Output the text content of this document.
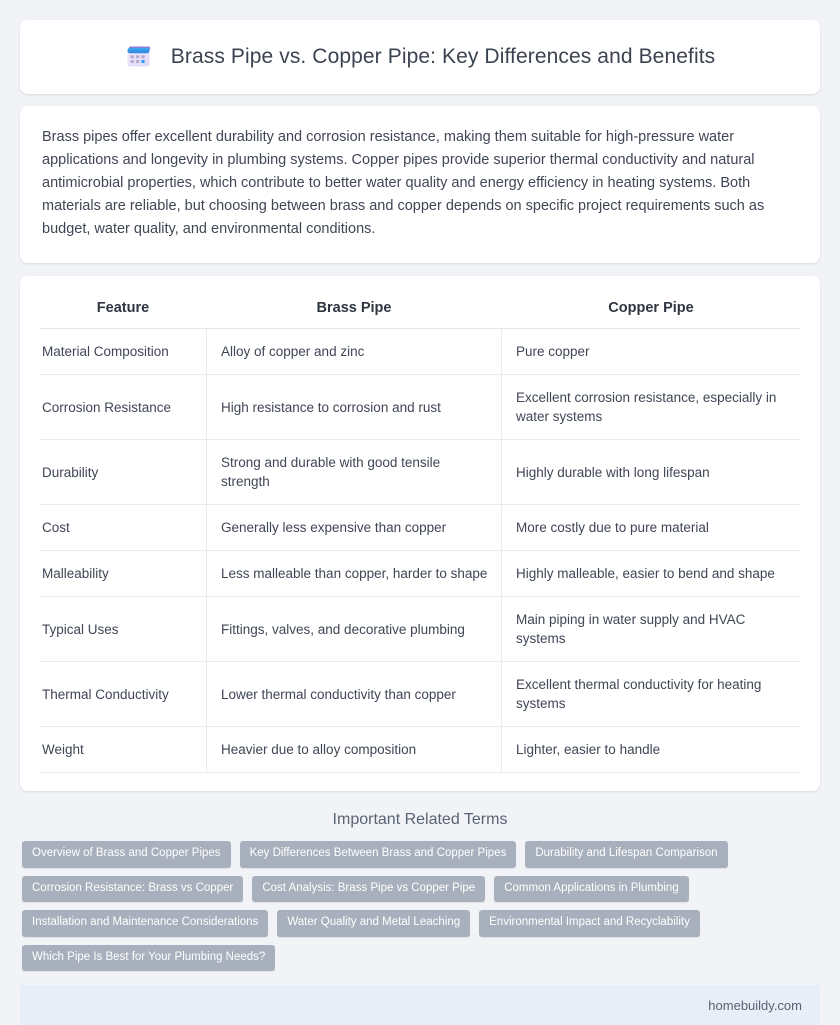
Brass Pipe vs. Copper Pipe: Key Differences and Benefits

Brass pipes offer excellent durability and corrosion resistance, making them suitable for high-pressure water applications and longevity in plumbing systems. Copper pipes provide superior thermal conductivity and natural antimicrobial properties, which contribute to better water quality and energy efficiency in heating systems. Both materials are reliable, but choosing between brass and copper depends on specific project requirements such as budget, water quality, and environmental conditions.

Feature	Brass Pipe	Copper Pipe
Material Composition	Alloy of copper and zinc	Pure copper
Corrosion Resistance	High resistance to corrosion and rust	Excellent corrosion resistance, especially in water systems
Durability	Strong and durable with good tensile strength	Highly durable with long lifespan
Cost	Generally less expensive than copper	More costly due to pure material
Malleability	Less malleable than copper, harder to shape	Highly malleable, easier to bend and shape
Typical Uses	Fittings, valves, and decorative plumbing	Main piping in water supply and HVAC systems
Thermal Conductivity	Lower thermal conductivity than copper	Excellent thermal conductivity for heating systems
Weight	Heavier due to alloy composition	Lighter, easier to handle
Important Related Terms
Overview of Brass and Copper Pipes	Key Differences Between Brass and Copper Pipes	Durability and Lifespan Comparison
Corrosion Resistance: Brass vs Copper	Cost Analysis: Brass Pipe vs Copper Pipe	Common Applications in Plumbing
Installation and Maintenance Considerations	Water Quality and Metal Leaching	Environmental Impact and Recyclability
Which Pipe Is Best for Your Plumbing Needs?
homebuildy.com
